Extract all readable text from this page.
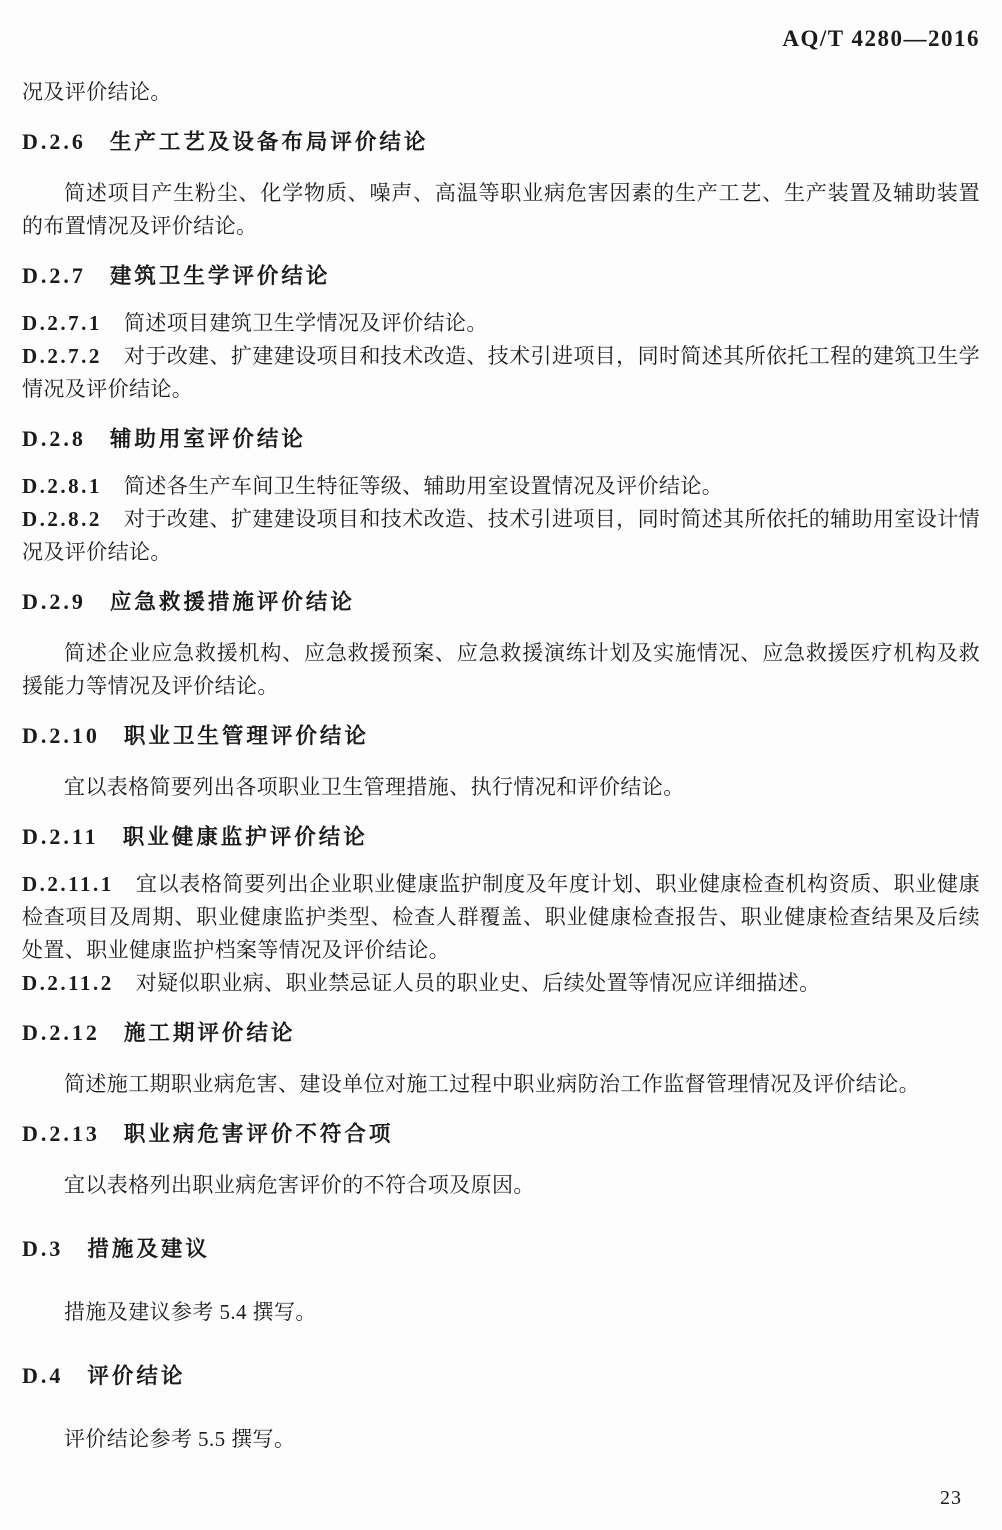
AQ/T 4280—2016

况及评价结论。

D.2.6 生产工艺及设备布局评价结论

简述项目产生粉尘、化学物质、噪声、高温等职业病危害因素的生产工艺、生产装置及辅助装置的布置情况及评价结论。

D.2.7 建筑卫生学评价结论

D.2.7.1 简述项目建筑卫生学情况及评价结论。

D.2.7.2 对于改建、扩建建设项目和技术改造、技术引进项目，同时简述其所依托工程的建筑卫生学情况及评价结论。

D.2.8 辅助用室评价结论

D.2.8.1 简述各生产车间卫生特征等级、辅助用室设置情况及评价结论。

D.2.8.2 对于改建、扩建建设项目和技术改造、技术引进项目，同时简述其所依托的辅助用室设计情况及评价结论。

D.2.9 应急救援措施评价结论

简述企业应急救援机构、应急救援预案、应急救援演练计划及实施情况、应急救援医疗机构及救援能力等情况及评价结论。

D.2.10 职业卫生管理评价结论

宜以表格简要列出各项职业卫生管理措施、执行情况和评价结论。

D.2.11 职业健康监护评价结论

D.2.11.1 宜以表格简要列出企业职业健康监护制度及年度计划、职业健康检查机构资质、职业健康检查项目及周期、职业健康监护类型、检查人群覆盖、职业健康检查报告、职业健康检查结果及后续处置、职业健康监护档案等情况及评价结论。

D.2.11.2 对疑似职业病、职业禁忌证人员的职业史、后续处置等情况应详细描述。

D.2.12 施工期评价结论

简述施工期职业病危害、建设单位对施工过程中职业病防治工作监督管理情况及评价结论。

D.2.13 职业病危害评价不符合项

宜以表格列出职业病危害评价的不符合项及原因。

D.3 措施及建议

措施及建议参考 5.4 撰写。

D.4 评价结论

评价结论参考 5.5 撰写。

23
